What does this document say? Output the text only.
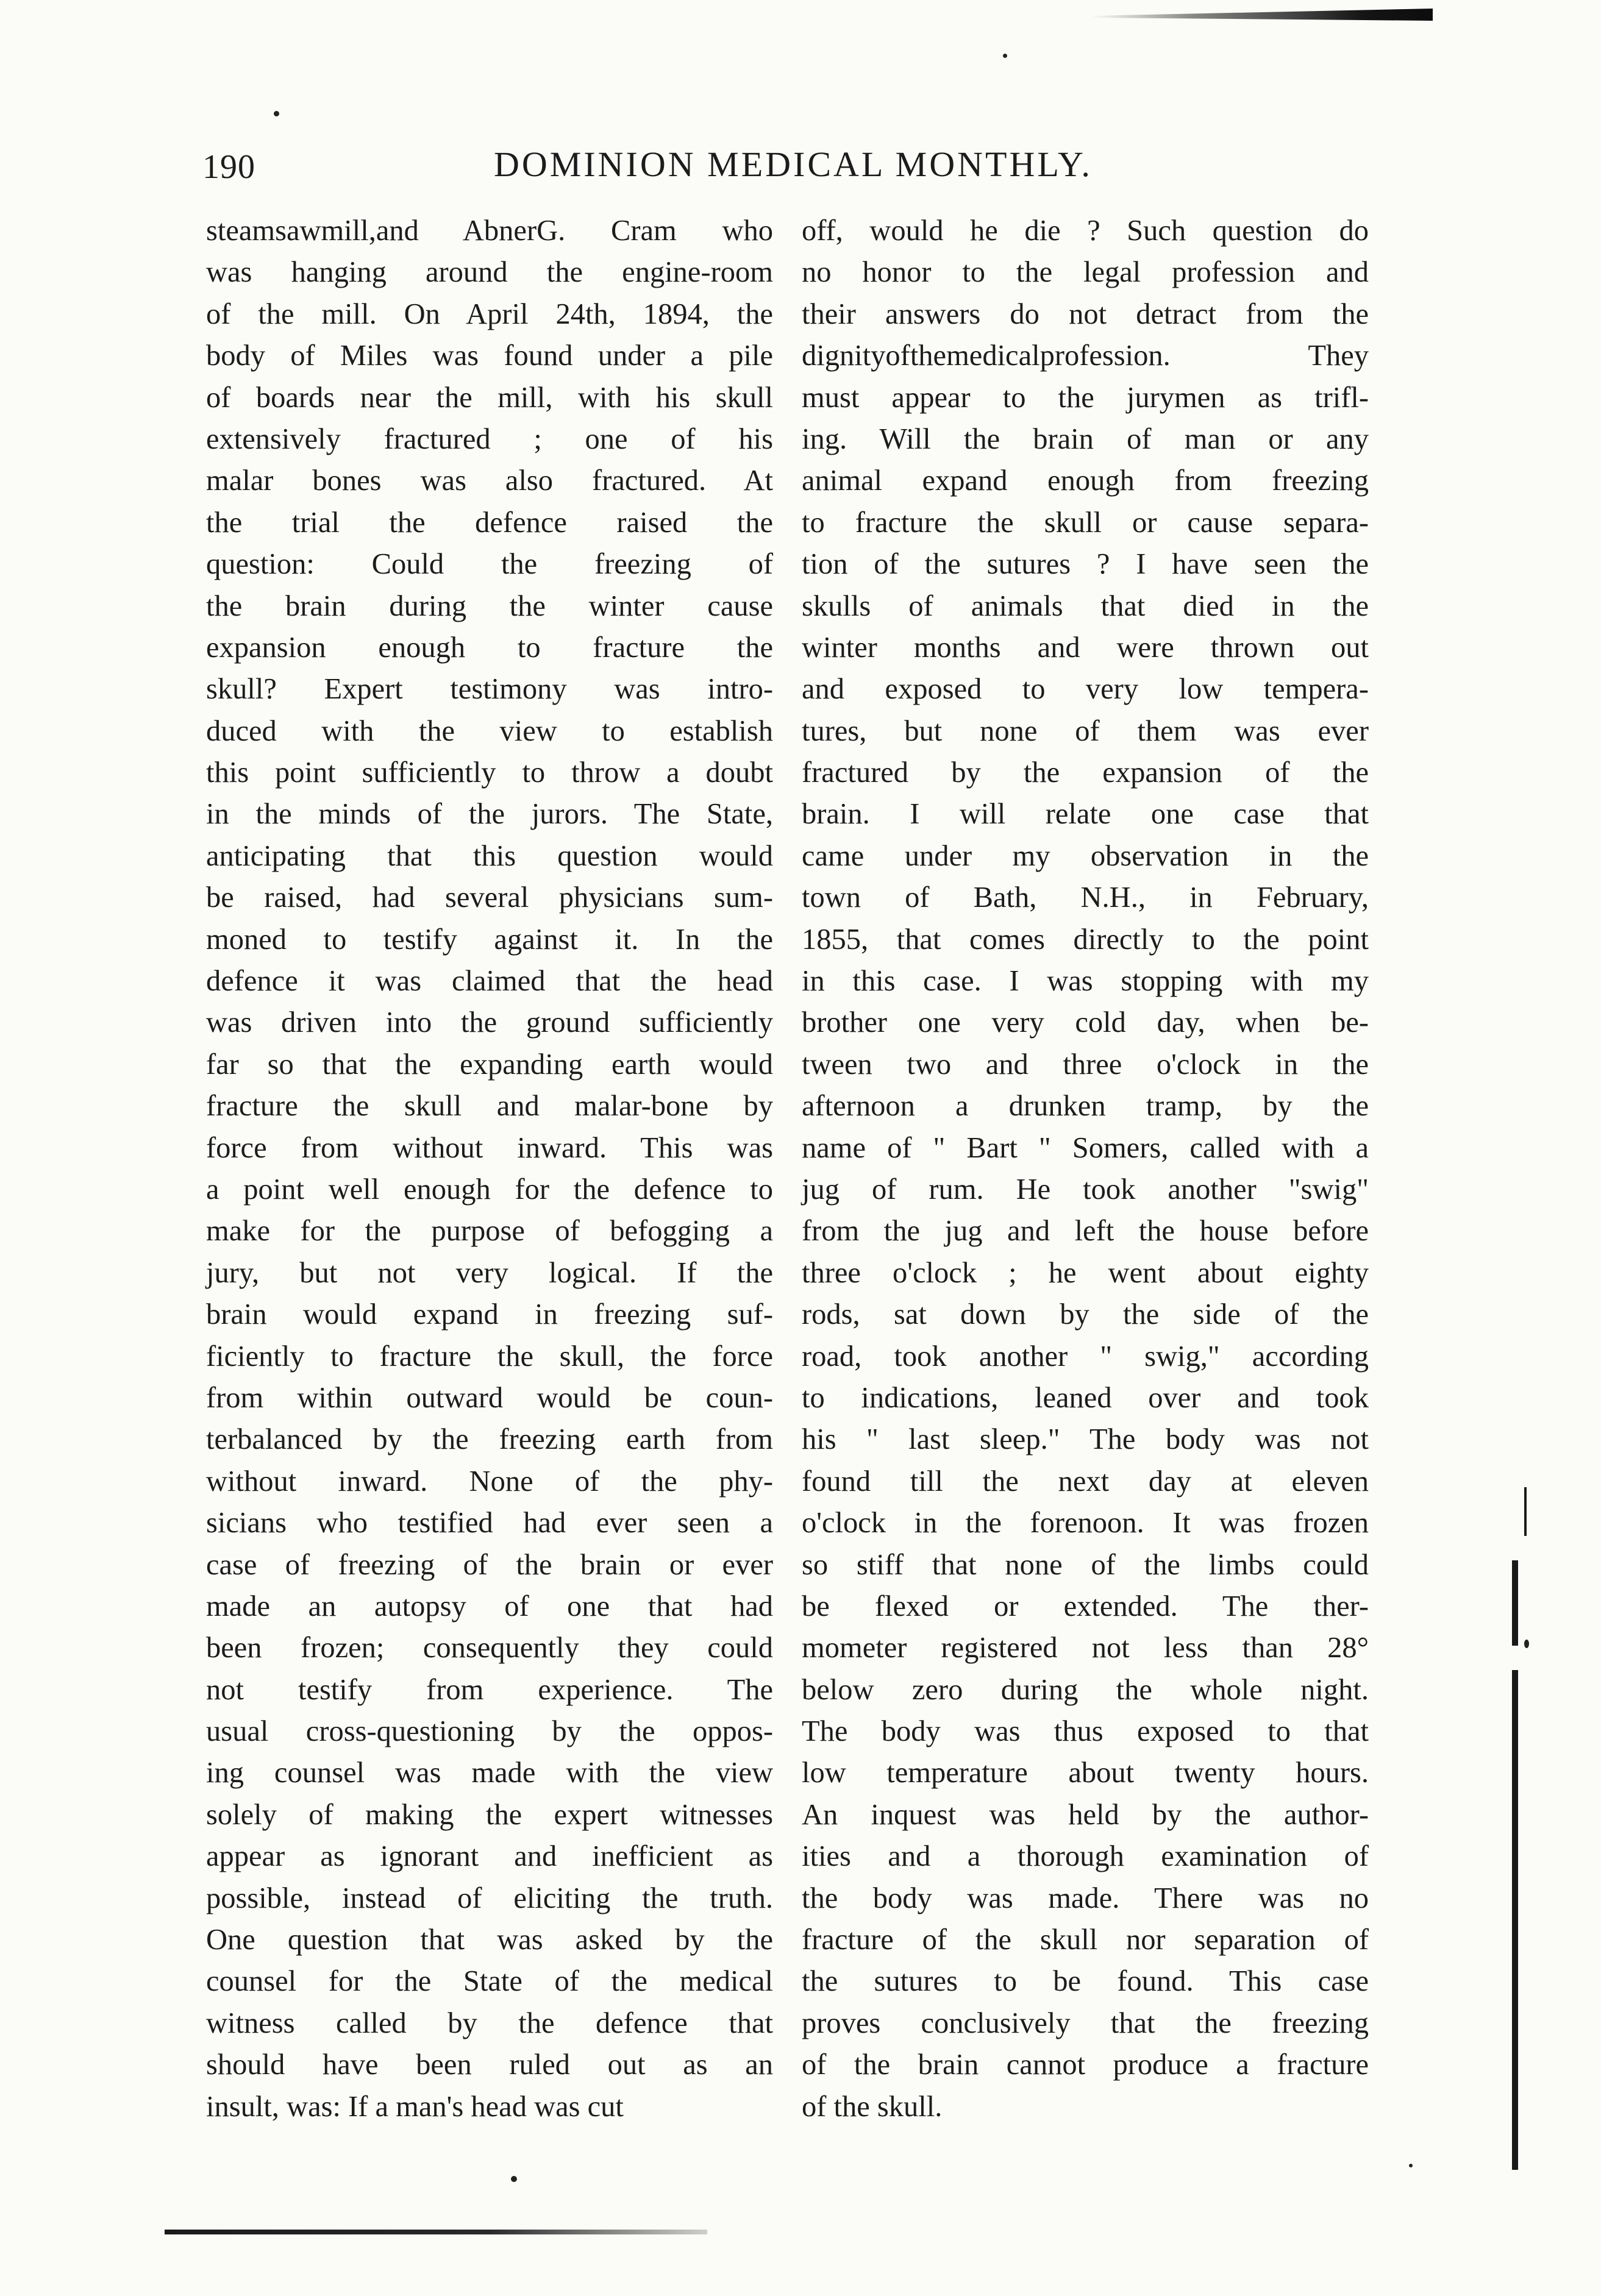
190	DOMINION MEDICAL MONTHLY.
steamsawmill,and AbnerG. Cram who
was hanging around the engine-room
of the mill. On April 24th, 1894, the
body of Miles was found under a pile
of boards near the mill, with his skull
extensively fractured ; one of his
malar bones was also fractured. At
the trial the defence raised the
question: Could the freezing of
the brain during the winter cause
expansion enough to fracture the
skull? Expert testimony was intro-
duced with the view to establish
this point sufficiently to throw a doubt
in the minds of the jurors. The State,
anticipating that this question would
be raised, had several physicians sum-
moned to testify against it. In the
defence it was claimed that the head
was driven into the ground sufficiently
far so that the expanding earth would
fracture the skull and malar-bone by
force from without inward. This was
a point well enough for the defence to
make for the purpose of befogging a
jury, but not very logical. If the
brain would expand in freezing suf-
ficiently to fracture the skull, the force
from within outward would be coun-
terbalanced by the freezing earth from
without inward. None of the phy-
sicians who testified had ever seen a
case of freezing of the brain or ever
made an autopsy of one that had
been frozen; consequently they could
not testify from experience. The
usual cross-questioning by the oppos-
ing counsel was made with the view
solely of making the expert witnesses
appear as ignorant and inefficient as
possible, instead of eliciting the truth.
One question that was asked by the
counsel for the State of the medical
witness called by the defence that
should have been ruled out as an
insult, was: If a man's head was cut
off, would he die ? Such question do
no honor to the legal profession and
their answers do not detract from the
dignityofthemedicalprofession. They
must appear to the jurymen as trifl-
ing. Will the brain of man or any
animal expand enough from freezing
to fracture the skull or cause separa-
tion of the sutures ? I have seen the
skulls of animals that died in the
winter months and were thrown out
and exposed to very low tempera-
tures, but none of them was ever
fractured by the expansion of the
brain. I will relate one case that
came under my observation in the
town of Bath, N.H., in February,
1855, that comes directly to the point
in this case. I was stopping with my
brother one very cold day, when be-
tween two and three o'clock in the
afternoon a drunken tramp, by the
name of " Bart " Somers, called with a
jug of rum. He took another "swig"
from the jug and left the house before
three o'clock ; he went about eighty
rods, sat down by the side of the
road, took another " swig," according
to indications, leaned over and took
his " last sleep." The body was not
found till the next day at eleven
o'clock in the forenoon. It was frozen
so stiff that none of the limbs could
be flexed or extended. The ther-
mometer registered not less than 28°
below zero during the whole night.
The body was thus exposed to that
low temperature about twenty hours.
An inquest was held by the author-
ities and a thorough examination of
the body was made. There was no
fracture of the skull nor separation of
the sutures to be found. This case
proves conclusively that the freezing
of the brain cannot produce a fracture
of the skull.
